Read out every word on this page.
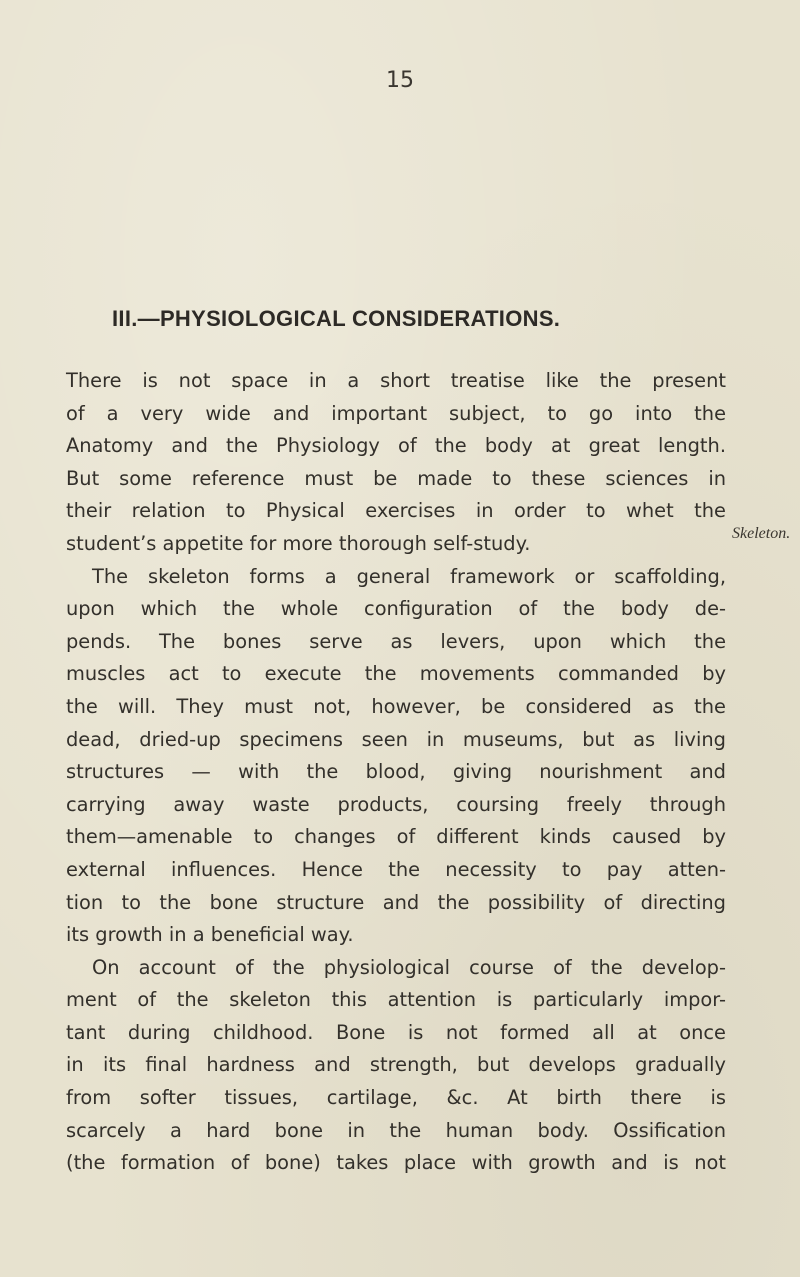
15
III.—PHYSIOLOGICAL CONSIDERATIONS.
There is not space in a short treatise like the present
of a very wide and important subject, to go into the
Anatomy and the Physiology of the body at great length.
But some reference must be made to these sciences in
their relation to Physical exercises in order to whet the
student’s appetite for more thorough self-study.
The skeleton forms a general framework or scaffolding,
upon which the whole configuration of the body de-
pends. The bones serve as levers, upon which the
muscles act to execute the movements commanded by
the will. They must not, however, be considered as the
dead, dried-up specimens seen in museums, but as living
structures — with the blood, giving nourishment and
carrying away waste products, coursing freely through
them—amenable to changes of different kinds caused by
external influences. Hence the necessity to pay atten-
tion to the bone structure and the possibility of directing
its growth in a beneficial way.
On account of the physiological course of the develop-
ment of the skeleton this attention is particularly impor-
tant during childhood. Bone is not formed all at once
in its final hardness and strength, but develops gradually
from softer tissues, cartilage, &c. At birth there is
scarcely a hard bone in the human body. Ossification
(the formation of bone) takes place with growth and is not
Skeleton.
